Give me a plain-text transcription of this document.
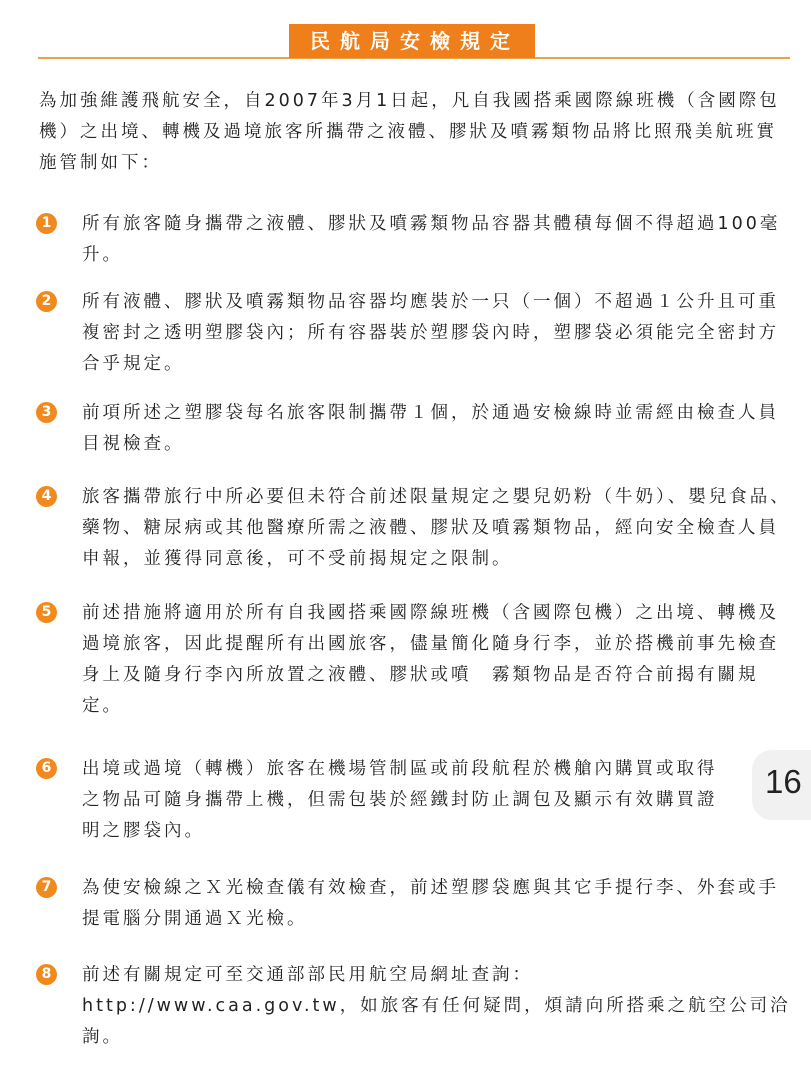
民航局安檢規定
為加強維護飛航安全，自2007年3月1日起，凡自我國搭乘國際線班機（含國際包機）之出境、轉機及過境旅客所攜帶之液體、膠狀及噴霧類物品將比照飛美航班實施管制如下：
1	所有旅客隨身攜帶之液體、膠狀及噴霧類物品容器其體積每個不得超過100毫升。
2	所有液體、膠狀及噴霧類物品容器均應裝於一只（一個）不超過１公升且可重複密封之透明塑膠袋內；所有容器裝於塑膠袋內時，塑膠袋必須能完全密封方合乎規定。
3	前項所述之塑膠袋每名旅客限制攜帶１個，於通過安檢線時並需經由檢查人員目視檢查。
4	旅客攜帶旅行中所必要但未符合前述限量規定之嬰兒奶粉（牛奶）、嬰兒食品、藥物、糖尿病或其他醫療所需之液體、膠狀及噴霧類物品，經向安全檢查人員申報，並獲得同意後，可不受前揭規定之限制。
5	前述措施將適用於所有自我國搭乘國際線班機（含國際包機）之出境、轉機及過境旅客，因此提醒所有出國旅客，儘量簡化隨身行李，並於搭機前事先檢查身上及隨身行李內所放置之液體、膠狀或噴　霧類物品是否符合前揭有關規定。
6	出境或過境（轉機）旅客在機場管制區或前段航程於機艙內購買或取得之物品可隨身攜帶上機，但需包裝於經鐵封防止調包及顯示有效購買證明之膠袋內。
7	為使安檢線之Ｘ光檢查儀有效檢查，前述塑膠袋應與其它手提行李、外套或手提電腦分開通過Ｘ光檢。
8	前述有關規定可至交通部部民用航空局網址查詢：http://www.caa.gov.tw，如旅客有任何疑問，煩請向所搭乘之航空公司洽詢。
16
